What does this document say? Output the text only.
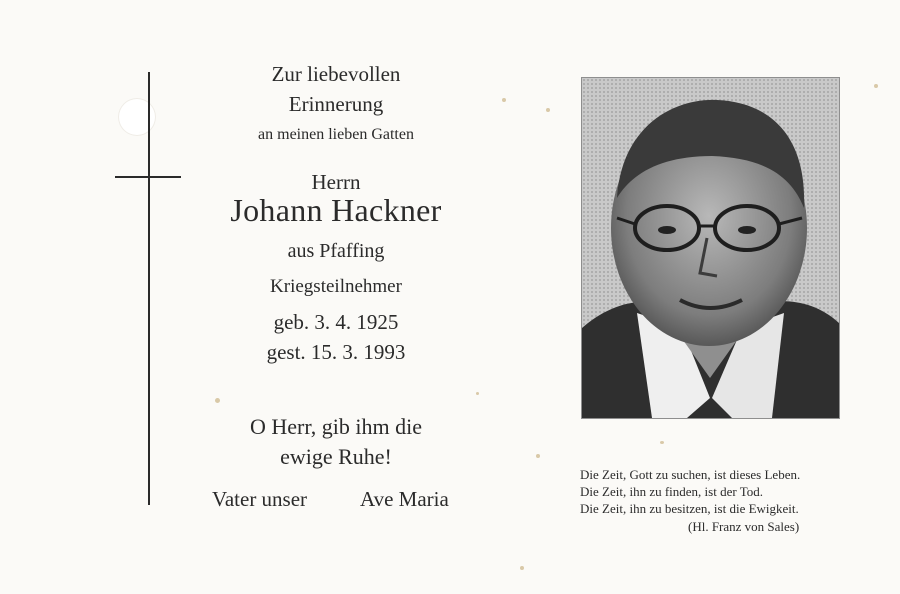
Zur liebevollen
Erinnerung
an meinen lieben Gatten
Herrn
Johann Hackner
aus Pfaffing
Kriegsteilnehmer
geb. 3. 4. 1925
gest. 15. 3. 1993
O Herr, gib ihm die
ewige Ruhe!
Vater unser	Ave Maria
Die Zeit, Gott zu suchen, ist dieses Leben.
Die Zeit, ihn zu finden, ist der Tod.
Die Zeit, ihn zu besitzen, ist die Ewigkeit.
(Hl. Franz von Sales)
